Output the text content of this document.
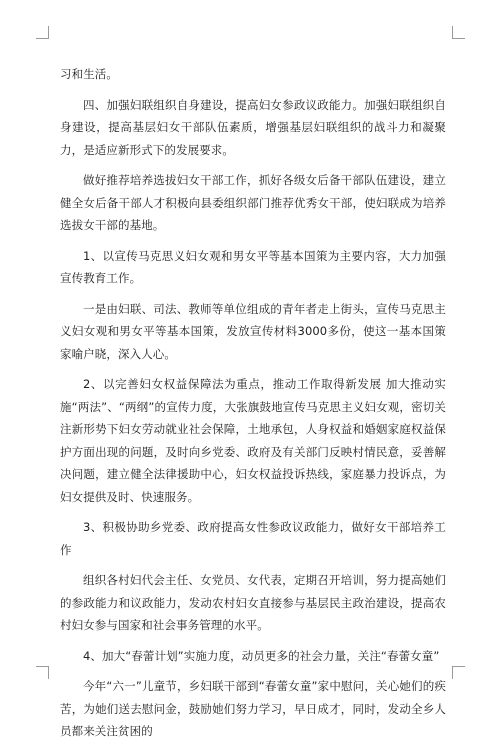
习和生活。

四、加强妇联组织自身建设，提高妇女参政议政能力。加强妇联组织自身建设，提高基层妇女干部队伍素质，增强基层妇联组织的战斗力和凝聚力，是适应新形式下的发展要求。

做好推荐培养选拔妇女干部工作，抓好各级女后备干部队伍建设，建立健全女后备干部人才积极向县委组织部门推荐优秀女干部，使妇联成为培养选拔女干部的基地。

1、以宣传马克思义妇女观和男女平等基本国策为主要内容，大力加强宣传教育工作。

一是由妇联、司法、教师等单位组成的青年者走上街头，宣传马克思主义妇女观和男女平等基本国策，发放宣传材料3000多份，使这一基本国策家喻户晓，深入人心。

2、以完善妇女权益保障法为重点，推动工作取得新发展 加大推动实施“两法”、“两纲”的宣传力度，大张旗鼓地宣传马克思主义妇女观，密切关注新形势下妇女劳动就业社会保障，土地承包，人身权益和婚姻家庭权益保护方面出现的问题，及时向乡党委、政府及有关部门反映村情民意，妥善解决问题，建立健全法律援助中心，妇女权益投诉热线，家庭暴力投诉点，为妇女提供及时、快速服务。

3、积极协助乡党委、政府提高女性参政议政能力，做好女干部培养工作

组织各村妇代会主任、女党员、女代表，定期召开培训，努力提高她们的参政能力和议政能力，发动农村妇女直接参与基层民主政治建设，提高农村妇女参与国家和社会事务管理的水平。

4、加大“春蕾计划”实施力度，动员更多的社会力量，关注“春蕾女童”

今年“六一”儿童节，乡妇联干部到“春蕾女童”家中慰问，关心她们的疾苦，为她们送去慰问金，鼓励她们努力学习，早日成才，同时，发动全乡人员都来关注贫困的
